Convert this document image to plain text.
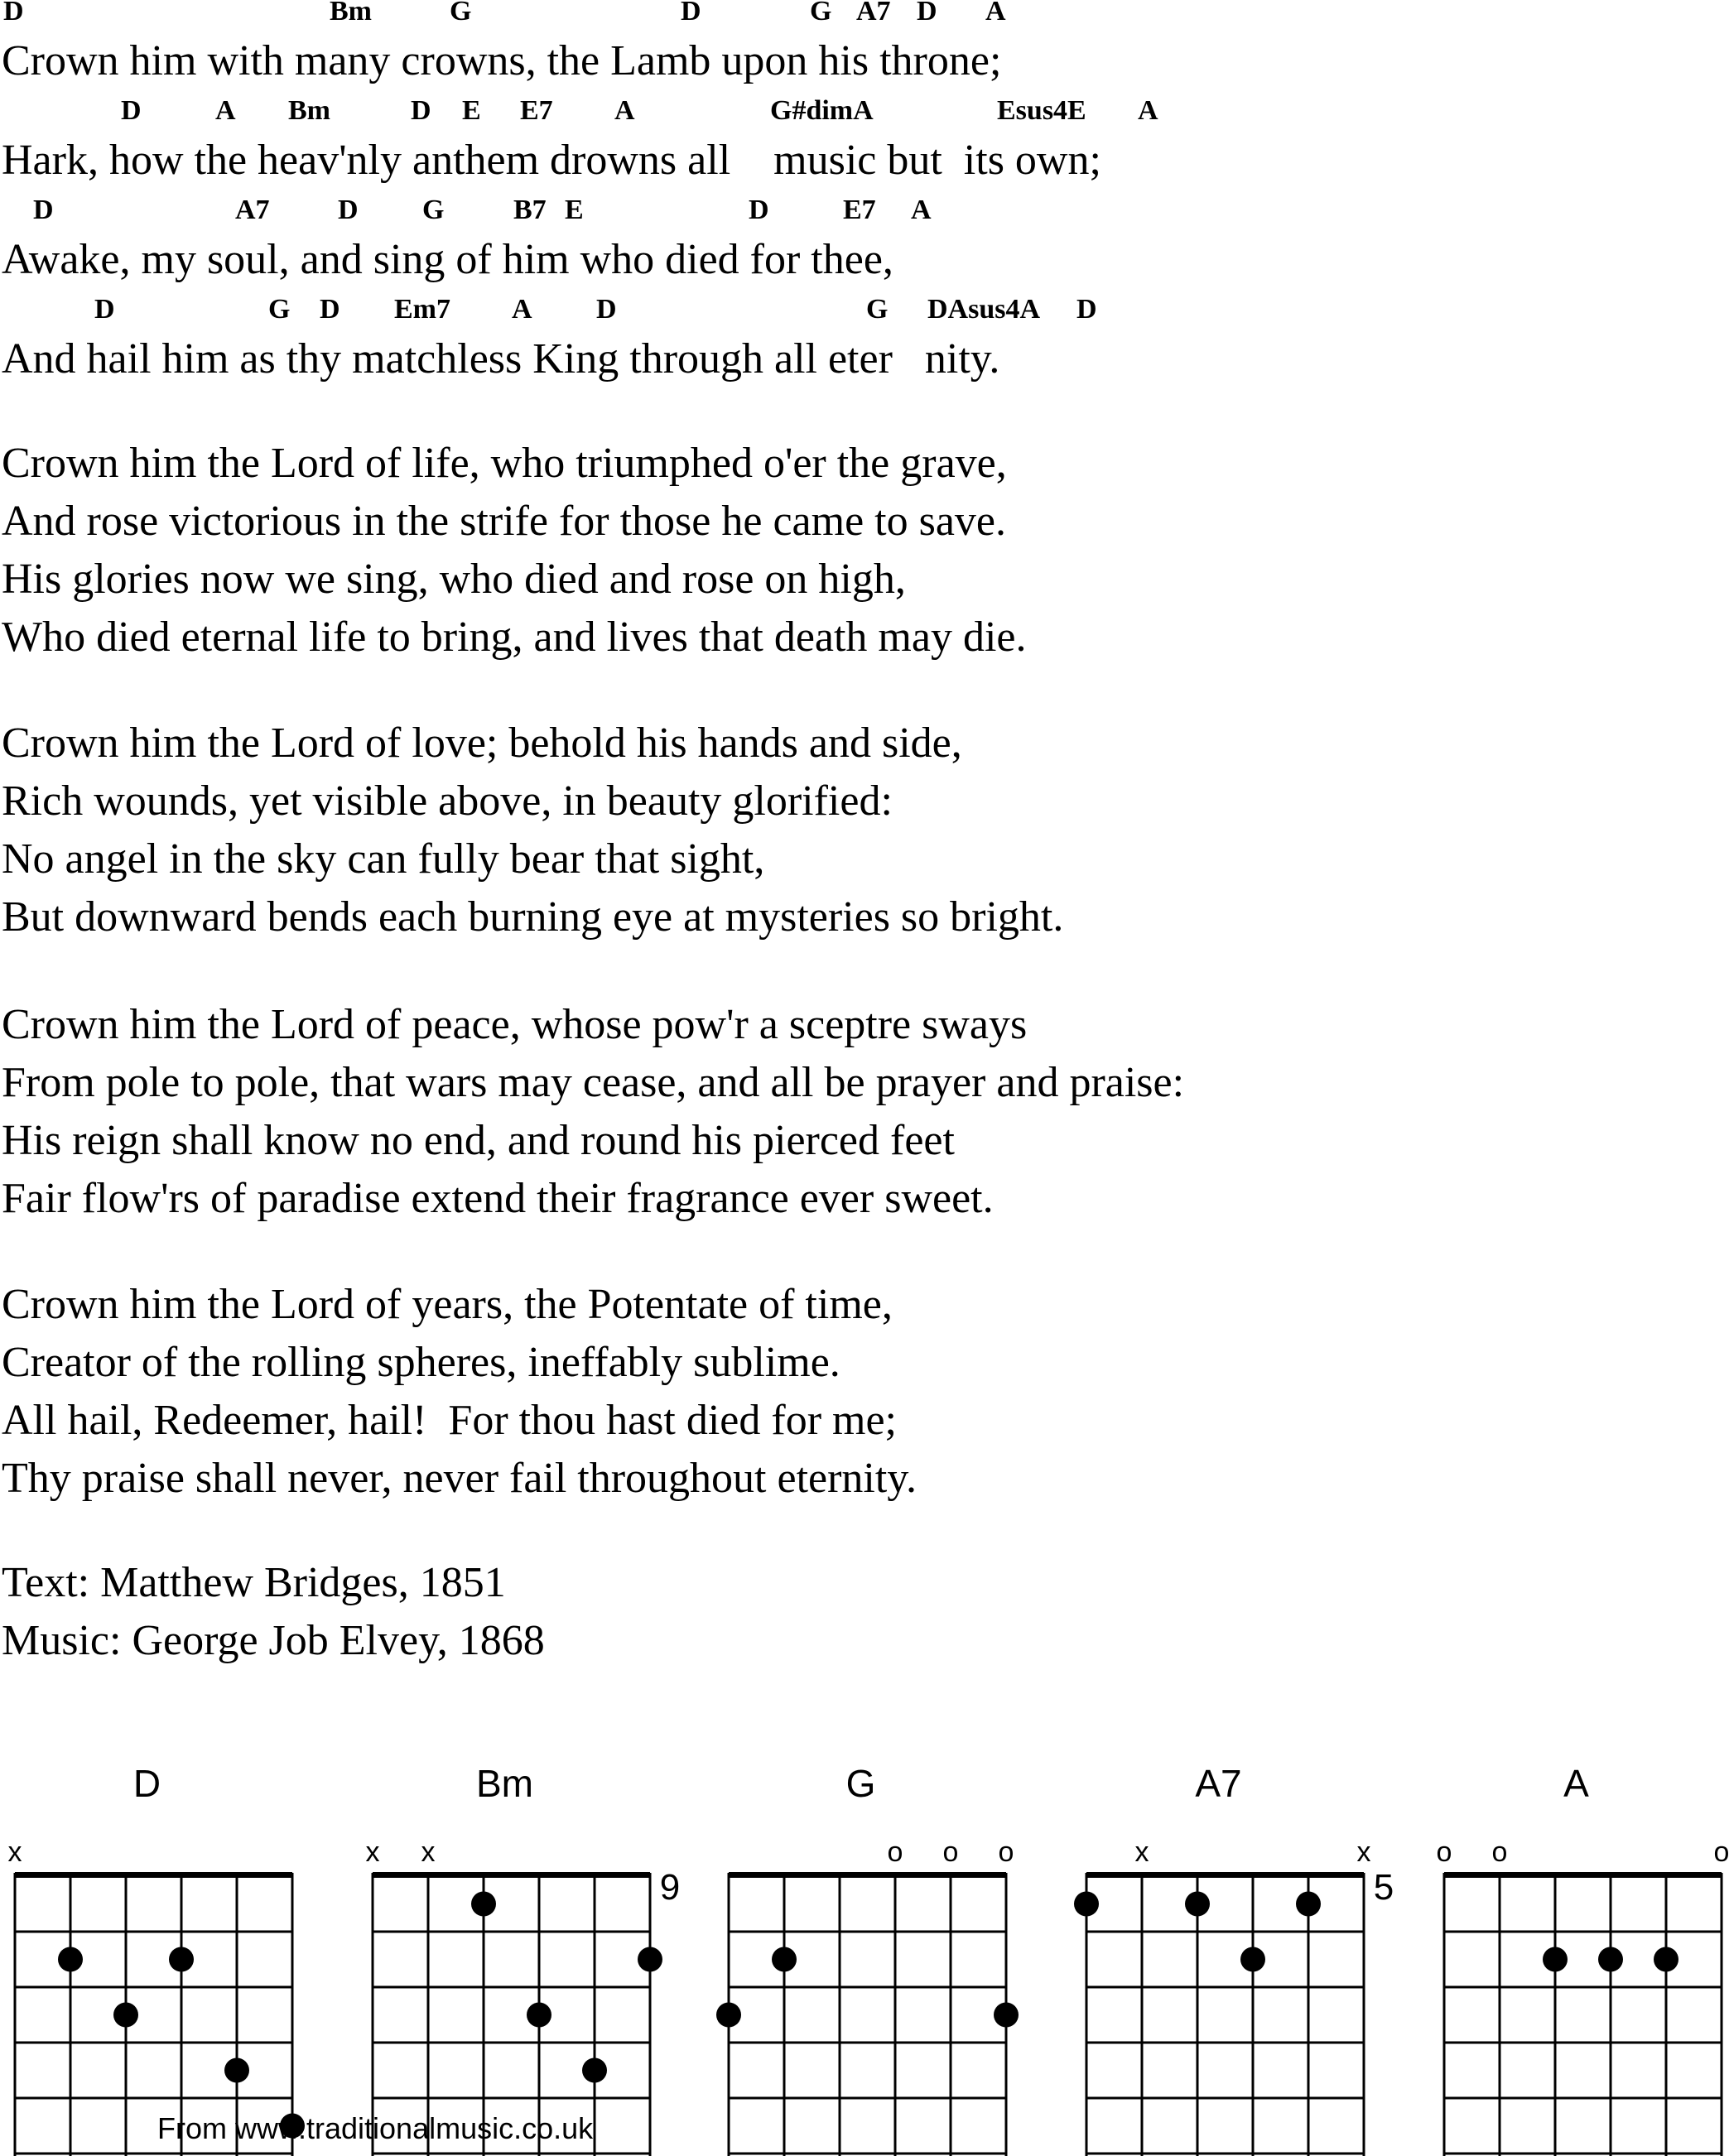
D	Bm	G	D	G A7 D A

Crown him with many crowns, the Lamb upon his throne;

D	A Bm	D E E7 A	G#dimA	Esus4E A

Hark, how the heav'nly anthem drowns all    music but  its own;

D	A7 D G B7 E	D	E7 A

Awake, my soul, and sing of him who died for thee,

D	G D Em7 A D	G DAsus4A D

And hail him as thy matchless King through all eter   nity.

Crown him the Lord of life, who triumphed o'er the grave,

And rose victorious in the strife for those he came to save.

His glories now we sing, who died and rose on high,

Who died eternal life to bring, and lives that death may die.

Crown him the Lord of love; behold his hands and side,

Rich wounds, yet visible above, in beauty glorified:

No angel in the sky can fully bear that sight,

But downward bends each burning eye at mysteries so bright.

Crown him the Lord of peace, whose pow'r a sceptre sways

From pole to pole, that wars may cease, and all be prayer and praise:

His reign shall know no end, and round his pierced feet

Fair flow'rs of paradise extend their fragrance ever sweet.

Crown him the Lord of years, the Potentate of time,

Creator of the rolling spheres, ineffably sublime.

All hail, Redeemer, hail!  For thou hast died for me;

Thy praise shall never, never fail throughout eternity.

Text: Matthew Bridges, 1851

Music: George Job Elvey, 1868

D
x
Bm
x x
9
G
o o o
A7
x	x
5
A
o o	o
From www.traditionalmusic.co.uk
